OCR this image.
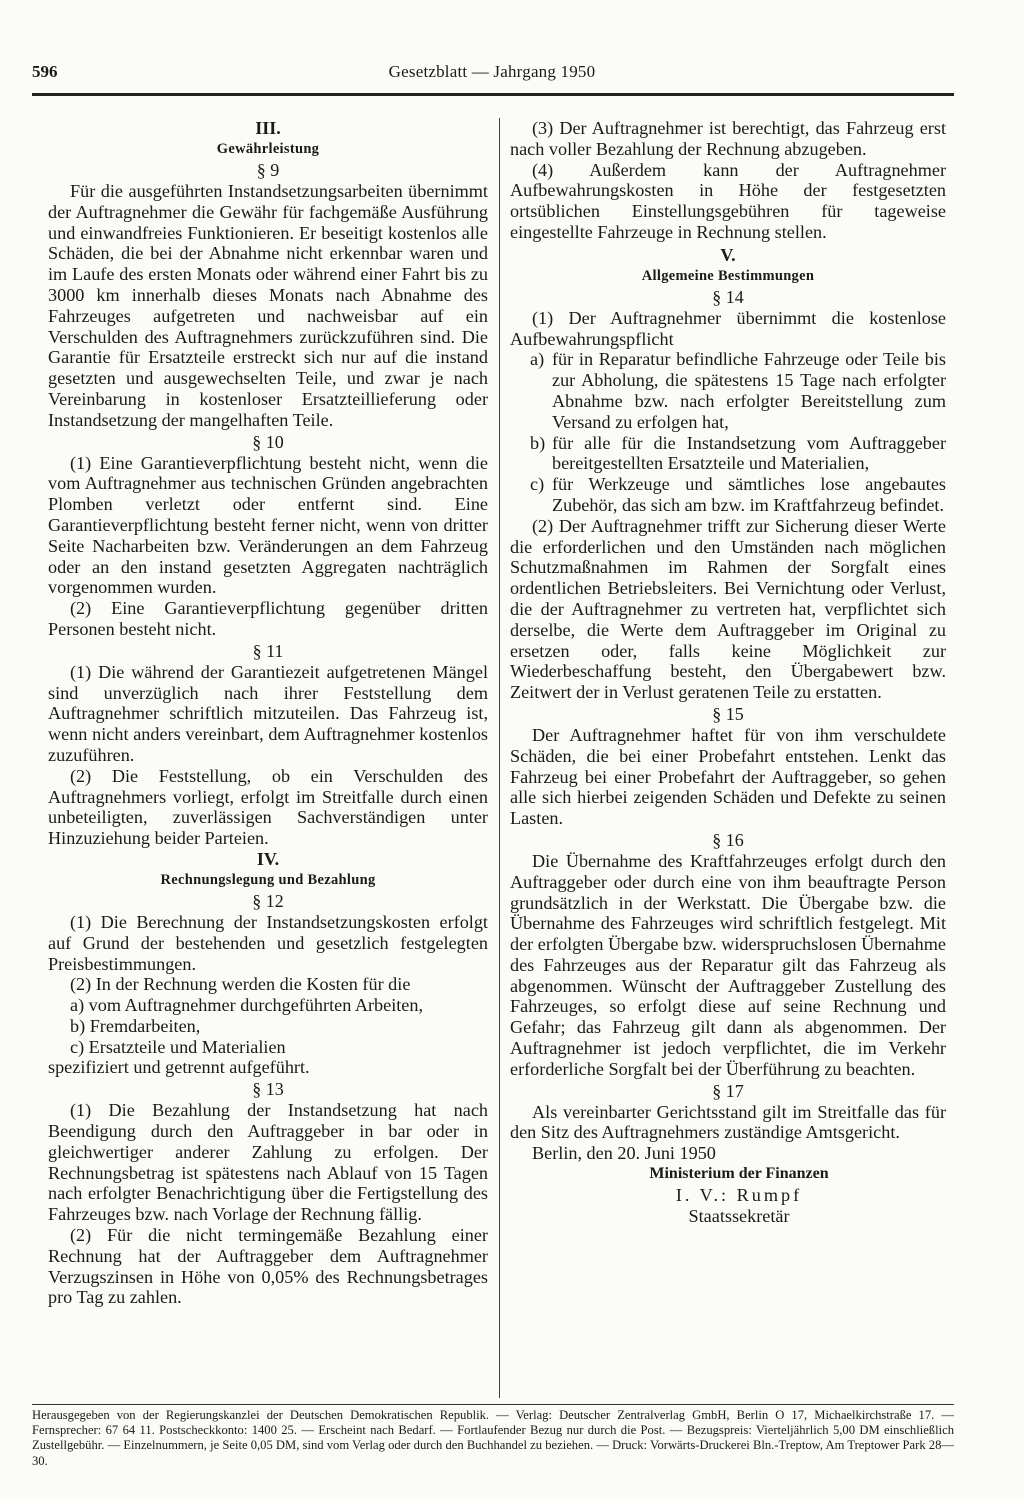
596	Gesetzblatt — Jahrgang 1950
III.
Gewährleistung
§ 9

Für die ausgeführten Instandsetzungsarbeiten übernimmt der Auftragnehmer die Gewähr für fachgemäße Ausführung und einwandfreies Funktionieren. Er beseitigt kostenlos alle Schäden, die bei der Abnahme nicht erkennbar waren und im Laufe des ersten Monats oder während einer Fahrt bis zu 3000 km innerhalb dieses Monats nach Abnahme des Fahrzeuges aufgetreten und nachweisbar auf ein Verschulden des Auftragnehmers zurückzuführen sind. Die Garantie für Ersatzteile erstreckt sich nur auf die instand gesetzten und ausgewechselten Teile, und zwar je nach Vereinbarung in kostenloser Ersatzteillieferung oder Instandsetzung der mangelhaften Teile.

§ 10

(1) Eine Garantieverpflichtung besteht nicht, wenn die vom Auftragnehmer aus technischen Gründen angebrachten Plomben verletzt oder entfernt sind. Eine Garantieverpflichtung besteht ferner nicht, wenn von dritter Seite Nacharbeiten bzw. Veränderungen an dem Fahrzeug oder an den instand gesetzten Aggregaten nachträglich vorgenommen wurden.

(2) Eine Garantieverpflichtung gegenüber dritten Personen besteht nicht.

§ 11

(1) Die während der Garantiezeit aufgetretenen Mängel sind unverzüglich nach ihrer Feststellung dem Auftragnehmer schriftlich mitzuteilen. Das Fahrzeug ist, wenn nicht anders vereinbart, dem Auftragnehmer kostenlos zuzuführen.

(2) Die Feststellung, ob ein Verschulden des Auftragnehmers vorliegt, erfolgt im Streitfalle durch einen unbeteiligten, zuverlässigen Sachverständigen unter Hinzuziehung beider Parteien.

IV.
Rechnungslegung und Bezahlung
§ 12

(1) Die Berechnung der Instandsetzungskosten erfolgt auf Grund der bestehenden und gesetzlich festgelegten Preisbestimmungen.

(2) In der Rechnung werden die Kosten für die

a) vom Auftragnehmer durchgeführten Arbeiten,

b) Fremdarbeiten,

c) Ersatzteile und Materialien

spezifiziert und getrennt aufgeführt.

§ 13

(1) Die Bezahlung der Instandsetzung hat nach Beendigung durch den Auftraggeber in bar oder in gleichwertiger anderer Zahlung zu erfolgen. Der Rechnungsbetrag ist spätestens nach Ablauf von 15 Tagen nach erfolgter Benachrichtigung über die Fertigstellung des Fahrzeuges bzw. nach Vorlage der Rechnung fällig.

(2) Für die nicht termingemäße Bezahlung einer Rechnung hat der Auftraggeber dem Auftragnehmer Verzugszinsen in Höhe von 0,05% des Rechnungsbetrages pro Tag zu zahlen.

(3) Der Auftragnehmer ist berechtigt, das Fahrzeug erst nach voller Bezahlung der Rechnung abzugeben.

(4) Außerdem kann der Auftragnehmer Aufbewahrungskosten in Höhe der festgesetzten ortsüblichen Einstellungsgebühren für tageweise eingestellte Fahrzeuge in Rechnung stellen.

V.
Allgemeine Bestimmungen
§ 14

(1) Der Auftragnehmer übernimmt die kostenlose Aufbewahrungspflicht

a) für in Reparatur befindliche Fahrzeuge oder Teile bis zur Abholung, die spätestens 15 Tage nach erfolgter Abnahme bzw. nach erfolgter Bereitstellung zum Versand zu erfolgen hat,
b) für alle für die Instandsetzung vom Auftraggeber bereitgestellten Ersatzteile und Materialien,
c) für Werkzeuge und sämtliches lose angebautes Zubehör, das sich am bzw. im Kraftfahrzeug befindet.

(2) Der Auftragnehmer trifft zur Sicherung dieser Werte die erforderlichen und den Umständen nach möglichen Schutzmaßnahmen im Rahmen der Sorgfalt eines ordentlichen Betriebsleiters. Bei Vernichtung oder Verlust, die der Auftragnehmer zu vertreten hat, verpflichtet sich derselbe, die Werte dem Auftraggeber im Original zu ersetzen oder, falls keine Möglichkeit zur Wiederbeschaffung besteht, den Übergabewert bzw. Zeitwert der in Verlust geratenen Teile zu erstatten.

§ 15

Der Auftragnehmer haftet für von ihm verschuldete Schäden, die bei einer Probefahrt entstehen. Lenkt das Fahrzeug bei einer Probefahrt der Auftraggeber, so gehen alle sich hierbei zeigenden Schäden und Defekte zu seinen Lasten.

§ 16

Die Übernahme des Kraftfahrzeuges erfolgt durch den Auftraggeber oder durch eine von ihm beauftragte Person grundsätzlich in der Werkstatt. Die Übergabe bzw. die Übernahme des Fahrzeuges wird schriftlich festgelegt. Mit der erfolgten Übergabe bzw. widerspruchslosen Übernahme des Fahrzeuges aus der Reparatur gilt das Fahrzeug als abgenommen. Wünscht der Auftraggeber Zustellung des Fahrzeuges, so erfolgt diese auf seine Rechnung und Gefahr; das Fahrzeug gilt dann als abgenommen. Der Auftragnehmer ist jedoch verpflichtet, die im Verkehr erforderliche Sorgfalt bei der Überführung zu beachten.

§ 17

Als vereinbarter Gerichtsstand gilt im Streitfalle das für den Sitz des Auftragnehmers zuständige Amtsgericht.

Berlin, den 20. Juni 1950

Ministerium der Finanzen

I. V.: Rumpf

Staatssekretär

Herausgegeben von der Regierungskanzlei der Deutschen Demokratischen Republik. — Verlag: Deutscher Zentralverlag GmbH, Berlin O 17, Michaelkirchstraße 17. — Fernsprecher: 67 64 11. Postscheckkonto: 1400 25. — Erscheint nach Bedarf. — Fortlaufender Bezug nur durch die Post. — Bezugspreis: Vierteljährlich 5,00 DM einschließlich Zustellgebühr. — Einzelnummern, je Seite 0,05 DM, sind vom Verlag oder durch den Buchhandel zu beziehen. — Druck: Vorwärts-Druckerei Bln.-Treptow, Am Treptower Park 28—30.
